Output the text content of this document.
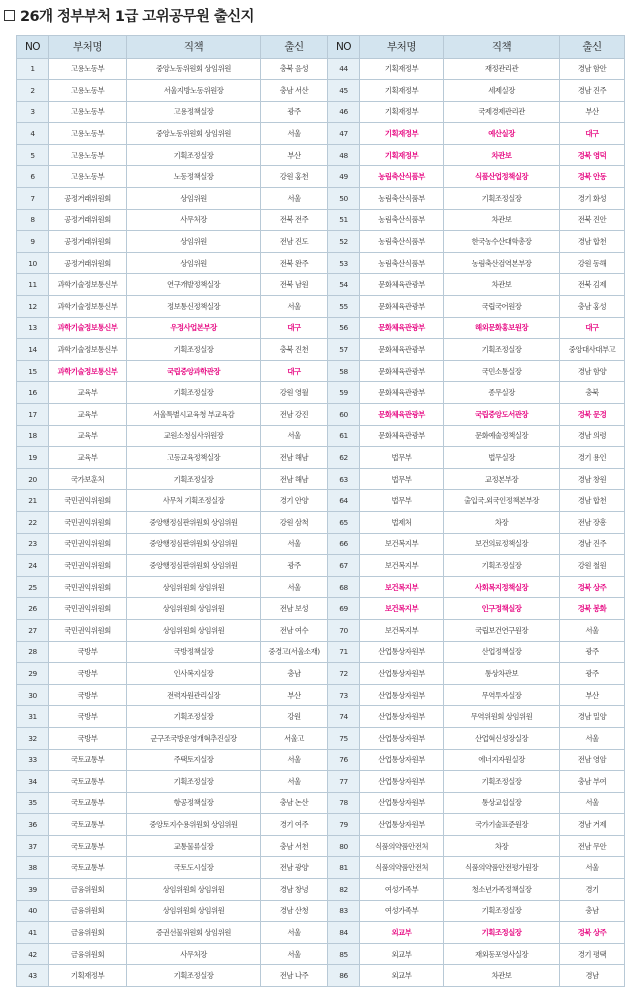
26개 정부부처 1급 고위공무원 출신지
NO	부처명	직책	출신	NO	부처명	직책	출신
1	고용노동부	중앙노동위원회 상임위원	충북 음성	44	기획재정부	재정관리관	경남 함안
2	고용노동부	서울지방노동위원장	충남 서산	45	기획재정부	세제실장	경남 진주
3	고용노동부	고용정책실장	광주	46	기획재정부	국제경제관리관	부산
4	고용노동부	중앙노동위원회 상임위원	서울	47	기획재정부	예산실장	대구
5	고용노동부	기획조정실장	부산	48	기획재정부	차관보	경북 영덕
6	고용노동부	노동정책실장	강원 홍천	49	농림축산식품부	식품산업정책실장	경북 안동
7	공정거래위원회	상임위원	서울	50	농림축산식품부	기획조정실장	경기 화성
8	공정거래위원회	사무처장	전북 전주	51	농림축산식품부	차관보	전북 진안
9	공정거래위원회	상임위원	전남 진도	52	농림축산식품부	한국농수산대학총장	경남 합천
10	공정거래위원회	상임위원	전북 완주	53	농림축산식품부	농림축산검역본부장	강원 동해
11	과학기술정보통신부	연구개발정책실장	전북 남원	54	문화체육관광부	차관보	전북 김제
12	과학기술정보통신부	정보통신정책실장	서울	55	문화체육관광부	국립국어원장	충남 홍성
13	과학기술정보통신부	우정사업본부장	대구	56	문화체육관광부	해외문화홍보원장	대구
14	과학기술정보통신부	기획조정실장	충북 진천	57	문화체육관광부	기획조정실장	중앙대사대부고
15	과학기술정보통신부	국립중앙과학관장	대구	58	문화체육관광부	국민소통실장	경남 함양
16	교육부	기획조정실장	강원 영월	59	문화체육관광부	종무실장	충북
17	교육부	서울특별시교육청 부교육감	전남 강진	60	문화체육관광부	국립중앙도서관장	경북 문경
18	교육부	교원소청심사위원장	서울	61	문화체육관광부	문화예술정책실장	경남 의령
19	교육부	고등교육정책실장	전남 해남	62	법무부	법무실장	경기 용인
20	국가보훈처	기획조정실장	전남 해남	63	법무부	교정본부장	경남 창원
21	국민권익위원회	사무처 기획조정실장	경기 안양	64	법무부	출입국.외국인정책본부장	경남 합천
22	국민권익위원회	중앙행정심판위원회 상임위원	강원 삼척	65	법제처	차장	전남 장흥
23	국민권익위원회	중앙행정심판위원회 상임위원	서울	66	보건복지부	보건의료정책실장	경남 진주
24	국민권익위원회	중앙행정심판위원회 상임위원	광주	67	보건복지부	기획조정실장	강원 철원
25	국민권익위원회	상임위원회 상임위원	서울	68	보건복지부	사회복지정책실장	경북 상주
26	국민권익위원회	상임위원회 상임위원	전남 보성	69	보건복지부	인구정책실장	경북 봉화
27	국민권익위원회	상임위원회 상임위원	전남 여수	70	보건복지부	국립보건연구원장	서울
28	국방부	국방정책실장	중경고(서울소재)	71	산업통상자원부	산업정책실장	광주
29	국방부	인사복지실장	충남	72	산업통상자원부	통상차관보	광주
30	국방부	전력자원관리실장	부산	73	산업통상자원부	무역투자실장	부산
31	국방부	기획조정실장	강원	74	산업통상자원부	무역위원회 상임위원	경남 밀양
32	국방부	군구조국방운영개혁추진실장	서울고	75	산업통상자원부	산업혁신성장실장	서울
33	국토교통부	주택토지실장	서울	76	산업통상자원부	에너지자원실장	전남 영암
34	국토교통부	기획조정실장	서울	77	산업통상자원부	기획조정실장	충남 부여
35	국토교통부	항공정책실장	충남 논산	78	산업통상자원부	통상교섭실장	서울
36	국토교통부	중앙토지수용위원회 상임위원	경기 여주	79	산업통상자원부	국가기술표준원장	경남 거제
37	국토교통부	교통물류실장	충남 서천	80	식품의약품안전처	차장	전남 무안
38	국토교통부	국토도시실장	전남 광양	81	식품의약품안전처	식품의약품안전평가원장	서울
39	금융위원회	상임위원회 상임위원	경남 창녕	82	여성가족부	청소년가족정책실장	경기
40	금융위원회	상임위원회 상임위원	경남 산청	83	여성가족부	기획조정실장	충남
41	금융위원회	증권선물위원회 상임위원	서울	84	외교부	기획조정실장	경북 상주
42	금융위원회	사무처장	서울	85	외교부	재외동포영사실장	경기 평택
43	기획재정부	기획조정실장	전남 나주	86	외교부	차관보	경남
